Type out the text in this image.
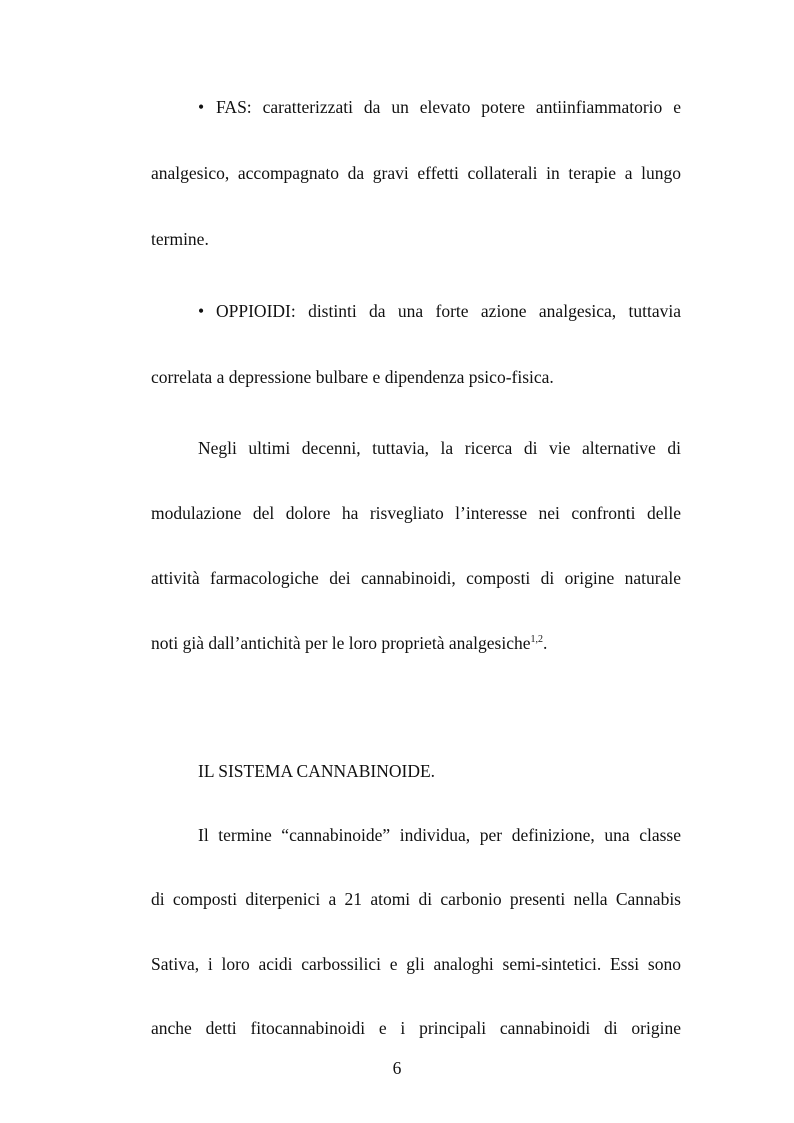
• FAS: caratterizzati da un elevato potere antiinfiammatorio e
analgesico, accompagnato da gravi effetti collaterali in terapie a lungo
termine.
• OPPIOIDI: distinti da una forte azione analgesica, tuttavia
correlata a depressione bulbare e dipendenza psico-fisica.
Negli ultimi decenni, tuttavia, la ricerca di vie alternative di
modulazione del dolore ha risvegliato l’interesse nei confronti delle
attività farmacologiche dei cannabinoidi, composti di origine naturale
noti già dall’antichità per le loro proprietà analgesiche$^{1,2}$.
IL SISTEMA CANNABINOIDE.
Il termine “cannabinoide” individua, per definizione, una classe
di composti diterpenici a 21 atomi di carbonio presenti nella Cannabis
Sativa, i loro acidi carbossilici e gli analoghi semi-sintetici. Essi sono
anche detti fitocannabinoidi e i principali cannabinoidi di origine
6
